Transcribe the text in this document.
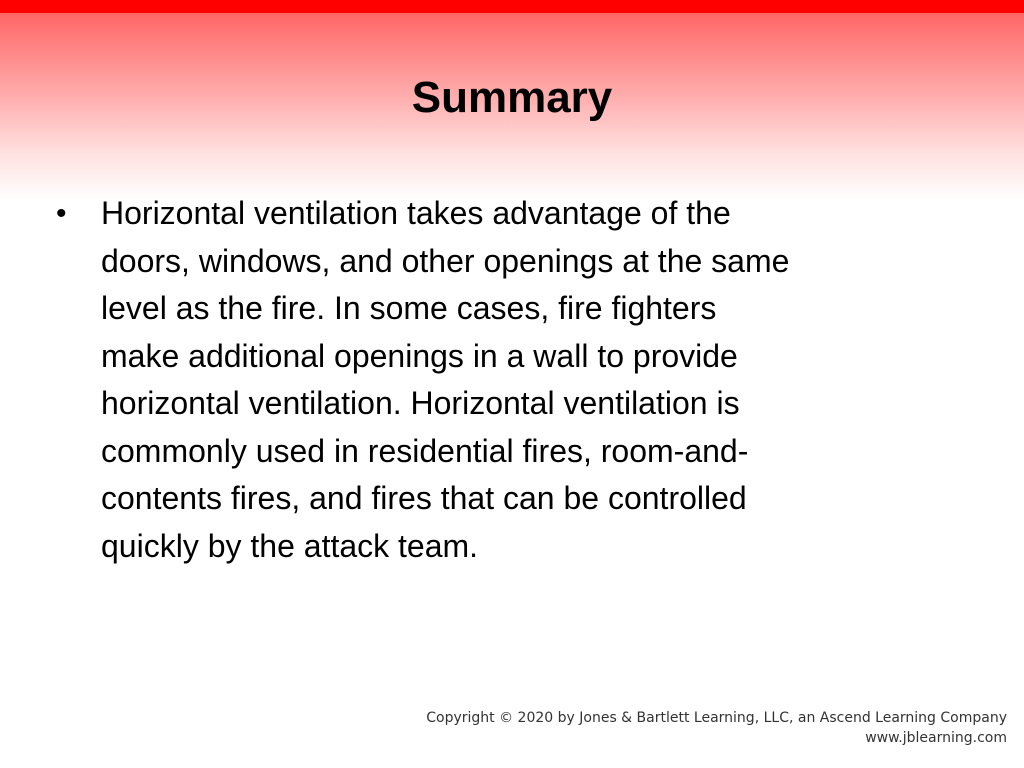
Summary
• Horizontal ventilation takes advantage of the
doors, windows, and other openings at the same
level as the fire. In some cases, fire fighters
make additional openings in a wall to provide
horizontal ventilation. Horizontal ventilation is
commonly used in residential fires, room-and-
contents fires, and fires that can be controlled
quickly by the attack team.
Copyright © 2020 by Jones & Bartlett Learning, LLC, an Ascend Learning Company
www.jblearning.com
